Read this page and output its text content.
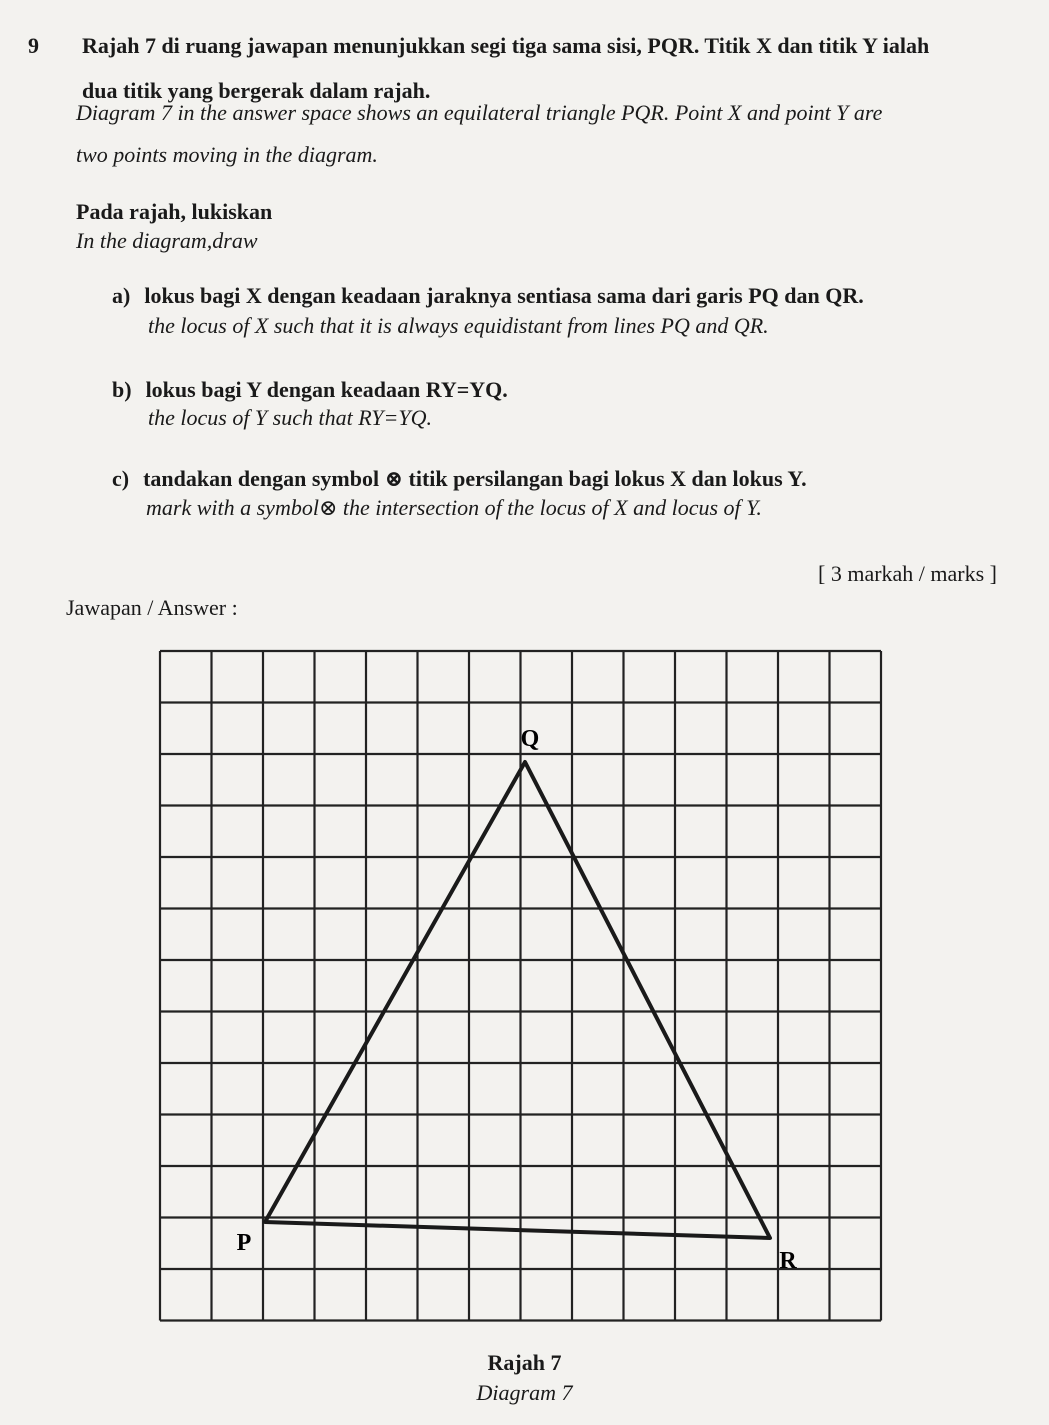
9 Rajah 7 di ruang jawapan menunjukkan segi tiga sama sisi, PQR. Titik X dan titik Y ialah
dua titik yang bergerak dalam rajah.
Diagram 7 in the answer space shows an equilateral triangle PQR. Point X and point Y are
two points moving in the diagram.
Pada rajah, lukiskan
In the diagram,draw
a) lokus bagi X dengan keadaan jaraknya sentiasa sama dari garis PQ dan QR.
the locus of X such that it is always equidistant from lines PQ and QR.
b) lokus bagi Y dengan keadaan RY=YQ.
the locus of Y such that RY=YQ.
c) tandakan dengan symbol ⊗ titik persilangan bagi lokus X dan lokus Y.
mark with a symbol⊗ the intersection of the locus of X and locus of Y.
[ 3 markah / marks ]
Jawapan / Answer :
Q
P
R
Rajah 7
Diagram 7
